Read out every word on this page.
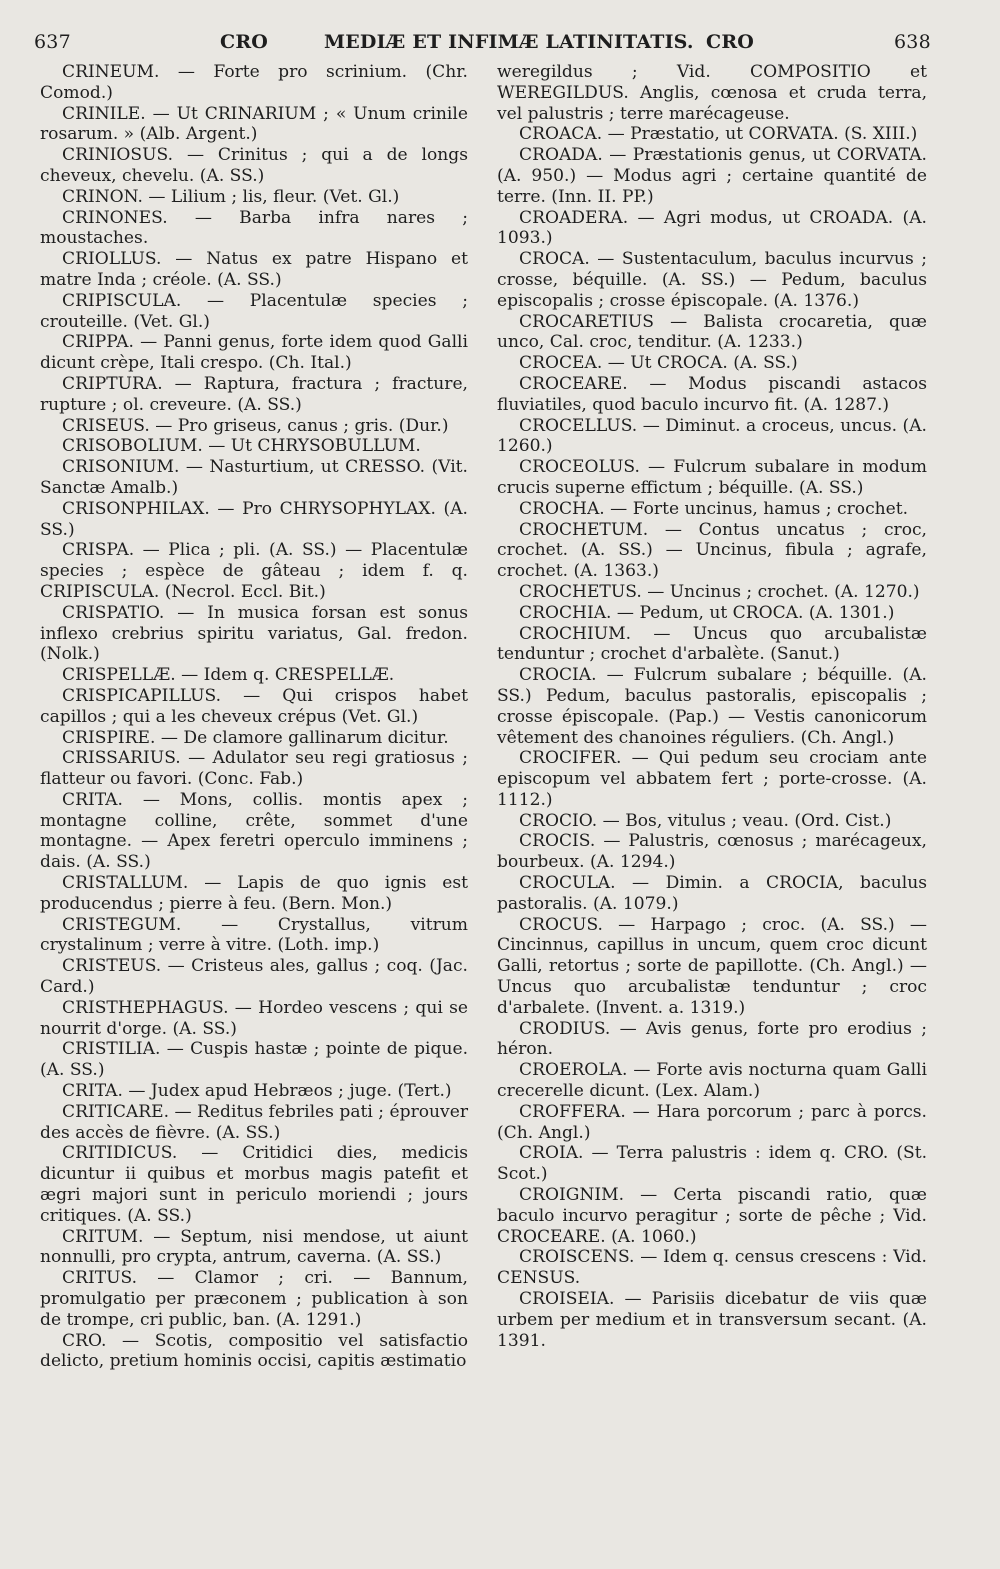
637	CRO	MEDIÆ ET INFIMÆ LATINITATIS. CRO	638

CRINEUM. — Forte pro scrinium. (Chr. Comod.)

CRINILE. — Ut CRINARIUM ; « Unum crinile rosarum. » (Alb. Argent.)

CRINIOSUS. — Crinitus ; qui a de longs cheveux, chevelu. (A. SS.)

CRINON. — Lilium ; lis, fleur. (Vet. Gl.)

CRINONES. — Barba infra nares ; moustaches.

CRIOLLUS. — Natus ex patre Hispano et matre Inda ; créole. (A. SS.)

CRIPISCULA. — Placentulæ species ; crouteille. (Vet. Gl.)

CRIPPA. — Panni genus, forte idem quod Galli dicunt crèpe, Itali crespo. (Ch. Ital.)

CRIPTURA. — Raptura, fractura ; fracture, rupture ; ol. creveure. (A. SS.)

CRISEUS. — Pro griseus, canus ; gris. (Dur.)

CRISOBOLIUM. — Ut CHRYSOBULLUM.

CRISONIUM. — Nasturtium, ut CRESSO. (Vit. Sanctæ Amalb.)

CRISONPHILAX. — Pro CHRYSOPHYLAX. (A. SS.)

CRISPA. — Plica ; pli. (A. SS.) — Placentulæ species ; espèce de gâteau ; idem f. q. CRIPISCULA. (Necrol. Eccl. Bit.)

CRISPATIO. — In musica forsan est sonus inflexo crebrius spiritu variatus, Gal. fredon. (Nolk.)

CRISPELLÆ. — Idem q. CRESPELLÆ.

CRISPICAPILLUS. — Qui crispos habet capillos ; qui a les cheveux crépus (Vet. Gl.)

CRISPIRE. — De clamore gallinarum dicitur.

CRISSARIUS. — Adulator seu regi gratiosus ; flatteur ou favori. (Conc. Fab.)

CRITA. — Mons, collis. montis apex ; montagne colline, crête, sommet d'une montagne. — Apex feretri operculo imminens ; dais. (A. SS.)

CRISTALLUM. — Lapis de quo ignis est producendus ; pierre à feu. (Bern. Mon.)

CRISTEGUM. — Crystallus, vitrum crystalinum ; verre à vitre. (Loth. imp.)

CRISTEUS. — Cristeus ales, gallus ; coq. (Jac. Card.)

CRISTHEPHAGUS. — Hordeo vescens ; qui se nourrit d'orge. (A. SS.)

CRISTILIA. — Cuspis hastæ ; pointe de pique. (A. SS.)

CRITA. — Judex apud Hebræos ; juge. (Tert.)

CRITICARE. — Reditus febriles pati ; éprouver des accès de fièvre. (A. SS.)

CRITIDICUS. — Critidici dies, medicis dicuntur ii quibus et morbus magis patefit et ægri majori sunt in periculo moriendi ; jours critiques. (A. SS.)

CRITUM. — Septum, nisi mendose, ut aiunt nonnulli, pro crypta, antrum, caverna. (A. SS.)

CRITUS. — Clamor ; cri. — Bannum, promulgatio per præconem ; publication à son de trompe, cri public, ban. (A. 1291.)

CRO. — Scotis, compositio vel satisfactio delicto, pretium hominis occisi, capitis æstimatio

weregildus ; Vid. COMPOSITIO et WEREGILDUS. Anglis, cœnosa et cruda terra, vel palustris ; terre marécageuse.

CROACA. — Præstatio, ut CORVATA. (S. XIII.)

CROADA. — Præstationis genus, ut CORVATA. (A. 950.) — Modus agri ; certaine quantité de terre. (Inn. II. PP.)

CROADERA. — Agri modus, ut CROADA. (A. 1093.)

CROCA. — Sustentaculum, baculus incurvus ; crosse, béquille. (A. SS.) — Pedum, baculus episcopalis ; crosse épiscopale. (A. 1376.)

CROCARETIUS — Balista crocaretia, quæ unco, Cal. croc, tenditur. (A. 1233.)

CROCEA. — Ut CROCA. (A. SS.)

CROCEARE. — Modus piscandi astacos fluviatiles, quod baculo incurvo fit. (A. 1287.)

CROCELLUS. — Diminut. a croceus, uncus. (A. 1260.)

CROCEOLUS. — Fulcrum subalare in modum crucis superne effictum ; béquille. (A. SS.)

CROCHA. — Forte uncinus, hamus ; crochet.

CROCHETUM. — Contus uncatus ; croc, crochet. (A. SS.) — Uncinus, fibula ; agrafe, crochet. (A. 1363.)

CROCHETUS. — Uncinus ; crochet. (A. 1270.)

CROCHIA. — Pedum, ut CROCA. (A. 1301.)

CROCHIUM. — Uncus quo arcubalistæ tenduntur ; crochet d'arbalète. (Sanut.)

CROCIA. — Fulcrum subalare ; béquille. (A. SS.) Pedum, baculus pastoralis, episcopalis ; crosse épiscopale. (Pap.) — Vestis canonicorum vêtement des chanoines réguliers. (Ch. Angl.)

CROCIFER. — Qui pedum seu crociam ante episcopum vel abbatem fert ; porte-crosse. (A. 1112.)

CROCIO. — Bos, vitulus ; veau. (Ord. Cist.)

CROCIS. — Palustris, cœnosus ; marécageux, bourbeux. (A. 1294.)

CROCULA. — Dimin. a CROCIA, baculus pastoralis. (A. 1079.)

CROCUS. — Harpago ; croc. (A. SS.) — Cincinnus, capillus in uncum, quem croc dicunt Galli, retortus ; sorte de papillotte. (Ch. Angl.) — Uncus quo arcubalistæ tenduntur ; croc d'arbalete. (Invent. a. 1319.)

CRODIUS. — Avis genus, forte pro erodius ; héron.

CROEROLA. — Forte avis nocturna quam Galli crecerelle dicunt. (Lex. Alam.)

CROFFERA. — Hara porcorum ; parc à porcs. (Ch. Angl.)

CROIA. — Terra palustris : idem q. CRO. (St. Scot.)

CROIGNIM. — Certa piscandi ratio, quæ baculo incurvo peragitur ; sorte de pêche ; Vid. CROCEARE. (A. 1060.)

CROISCENS. — Idem q. census crescens : Vid. CENSUS.

CROISEIA. — Parisiis dicebatur de viis quæ urbem per medium et in transversum secant. (A. 1391.
